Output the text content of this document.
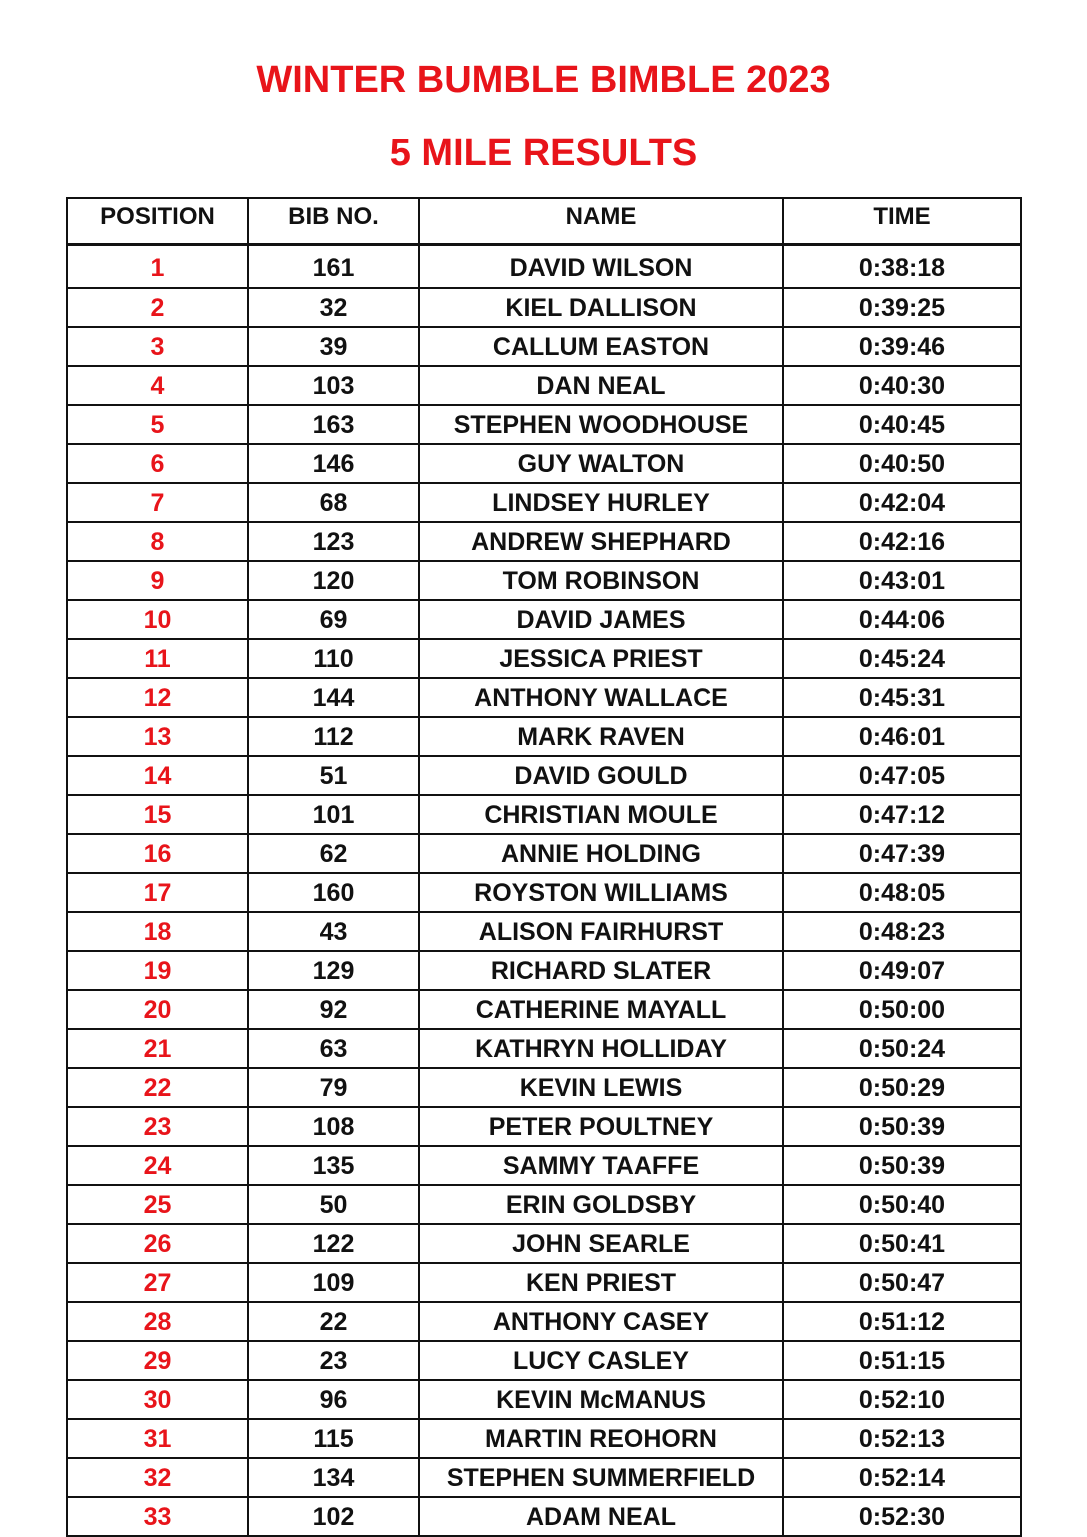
WINTER BUMBLE BIMBLE 2023
5 MILE RESULTS
POSITION	BIB NO.	NAME	TIME
1	161	DAVID WILSON	0:38:18
2	32	KIEL DALLISON	0:39:25
3	39	CALLUM EASTON	0:39:46
4	103	DAN NEAL	0:40:30
5	163	STEPHEN WOODHOUSE	0:40:45
6	146	GUY WALTON	0:40:50
7	68	LINDSEY HURLEY	0:42:04
8	123	ANDREW SHEPHARD	0:42:16
9	120	TOM ROBINSON	0:43:01
10	69	DAVID JAMES	0:44:06
11	110	JESSICA PRIEST	0:45:24
12	144	ANTHONY WALLACE	0:45:31
13	112	MARK RAVEN	0:46:01
14	51	DAVID GOULD	0:47:05
15	101	CHRISTIAN MOULE	0:47:12
16	62	ANNIE HOLDING	0:47:39
17	160	ROYSTON WILLIAMS	0:48:05
18	43	ALISON FAIRHURST	0:48:23
19	129	RICHARD SLATER	0:49:07
20	92	CATHERINE MAYALL	0:50:00
21	63	KATHRYN HOLLIDAY	0:50:24
22	79	KEVIN LEWIS	0:50:29
23	108	PETER POULTNEY	0:50:39
24	135	SAMMY TAAFFE	0:50:39
25	50	ERIN GOLDSBY	0:50:40
26	122	JOHN SEARLE	0:50:41
27	109	KEN PRIEST	0:50:47
28	22	ANTHONY CASEY	0:51:12
29	23	LUCY CASLEY	0:51:15
30	96	KEVIN McMANUS	0:52:10
31	115	MARTIN REOHORN	0:52:13
32	134	STEPHEN SUMMERFIELD	0:52:14
33	102	ADAM NEAL	0:52:30
